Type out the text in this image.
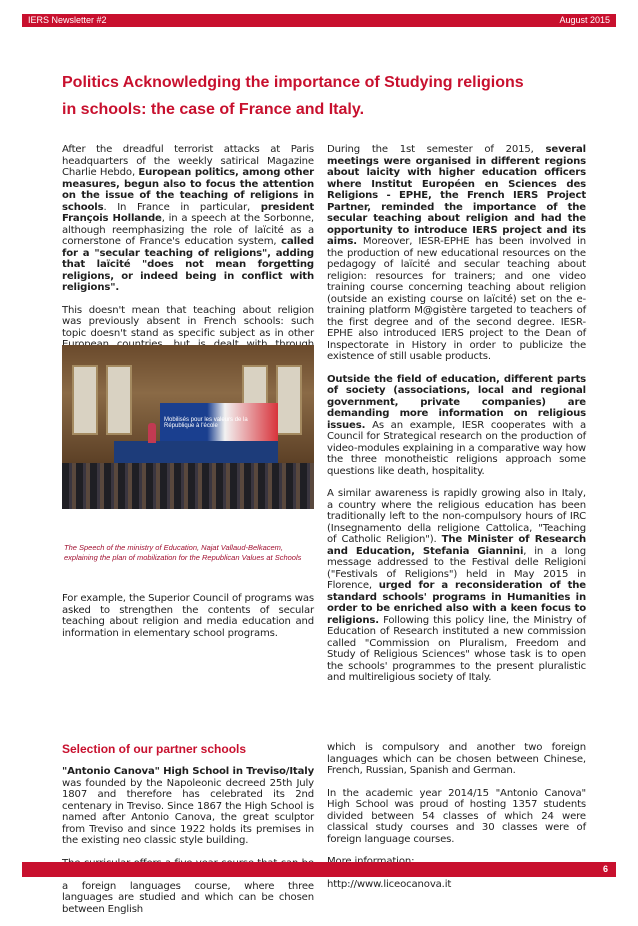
IERS Newsletter #2	August 2015
Politics Acknowledging the importance of Studying religions
in schools: the case of France and Italy.

After the dreadful terrorist attacks at Paris headquarters of the weekly satirical Magazine Charlie Hebdo, European politics, among other measures, begun also to focus the attention on the issue of the teaching of religions in schools. In France in particular, president François Hollande, in a speech at the Sorbonne, although reemphasizing the role of laïcité as a cornerstone of France's education system, called for a "secular teaching of religions", adding that laïcité "does not mean forgetting religions, or indeed being in conflict with religions".

This doesn't mean that teaching about religion was previously absent in French schools: such topic doesn't stand as specific subject as in other

Mobilisés pour les valeurs de la République à l'école
The Speech of the ministry of Education, Najat Vallaud-Belkacem, explaining the plan of mobilization for the Republican Values at Schools

For example, the Superior Council of programs was asked to strengthen the contents of secular teaching about religion and media education and information in elementary school programs.

During the 1st semester of 2015, several meetings were organised in different regions about laicity with higher education officers where Institut Européen en Sciences des Religions - EPHE, the French IERS Project Partner, reminded the importance of the secular teaching about religion and had the opportunity to introduce IERS project and its aims. Moreover, IESR-EPHE has been involved in the production of new educational resources on the pedagogy of laïcité and secular teaching about religion: resources for trainers; and one video training course concerning teaching about religion (outside an existing course on laïcité) set on the e-training platform M@gistère targeted to teachers of the first degree and of the second degree. IESR-EPHE also introduced IERS project to the Dean of Inspectorate in History in order to publicize the existence of still usable products.

Outside the field of education, different parts of society (associations, local and regional government, private companies) are demanding more information on religious issues. As an example, IESR cooperates with a Council for Strategical research on the production of video-modules explaining in a comparative way how the three monotheistic religions approach some questions like death, hospitality.

A similar awareness is rapidly growing also in Italy, a country where the religious education has been traditionally left to the non-compulsory hours of IRC (Insegnamento della religione Cattolica, "Teaching of Catholic Religion"). The Minister of Research and Education, Stefania Giannini, in a long message addressed to the Festival delle Religioni ("Festivals of Religions") held in May 2015 in Florence, urged for a reconsideration of the standard schools' programs in Humanities in order to be enriched also with a keen focus to religions. Following this policy line, the Ministry of Education of Research instituted a new commission called "Commission on Pluralism, Freedom and Study of Religious Sciences" whose task is to open the schools' programmes to the present pluralistic and multireligious society of Italy.

Selection of our partner schools

"Antonio Canova" High School in Treviso/Italy was founded by the Napoleonic decreed 25th July 1807 and therefore has celebrated its 2nd centenary in Treviso. Since 1867 the High School is named after Antonio Canova, the great sculptor from Treviso and since 1922 holds its premises in the existing neo classic style building.

a foreign languages course, where three languages are studied and which can be chosen between English

which is compulsory and another two foreign languages which can be chosen between Chinese, French, Russian, Spanish and German.

In the academic year 2014/15 "Antonio Canova" High School was proud of hosting 1357 students divided between 54 classes of which 24 were classical study courses and 30 classes were of foreign language courses.

http://www.liceocanova.it

6
